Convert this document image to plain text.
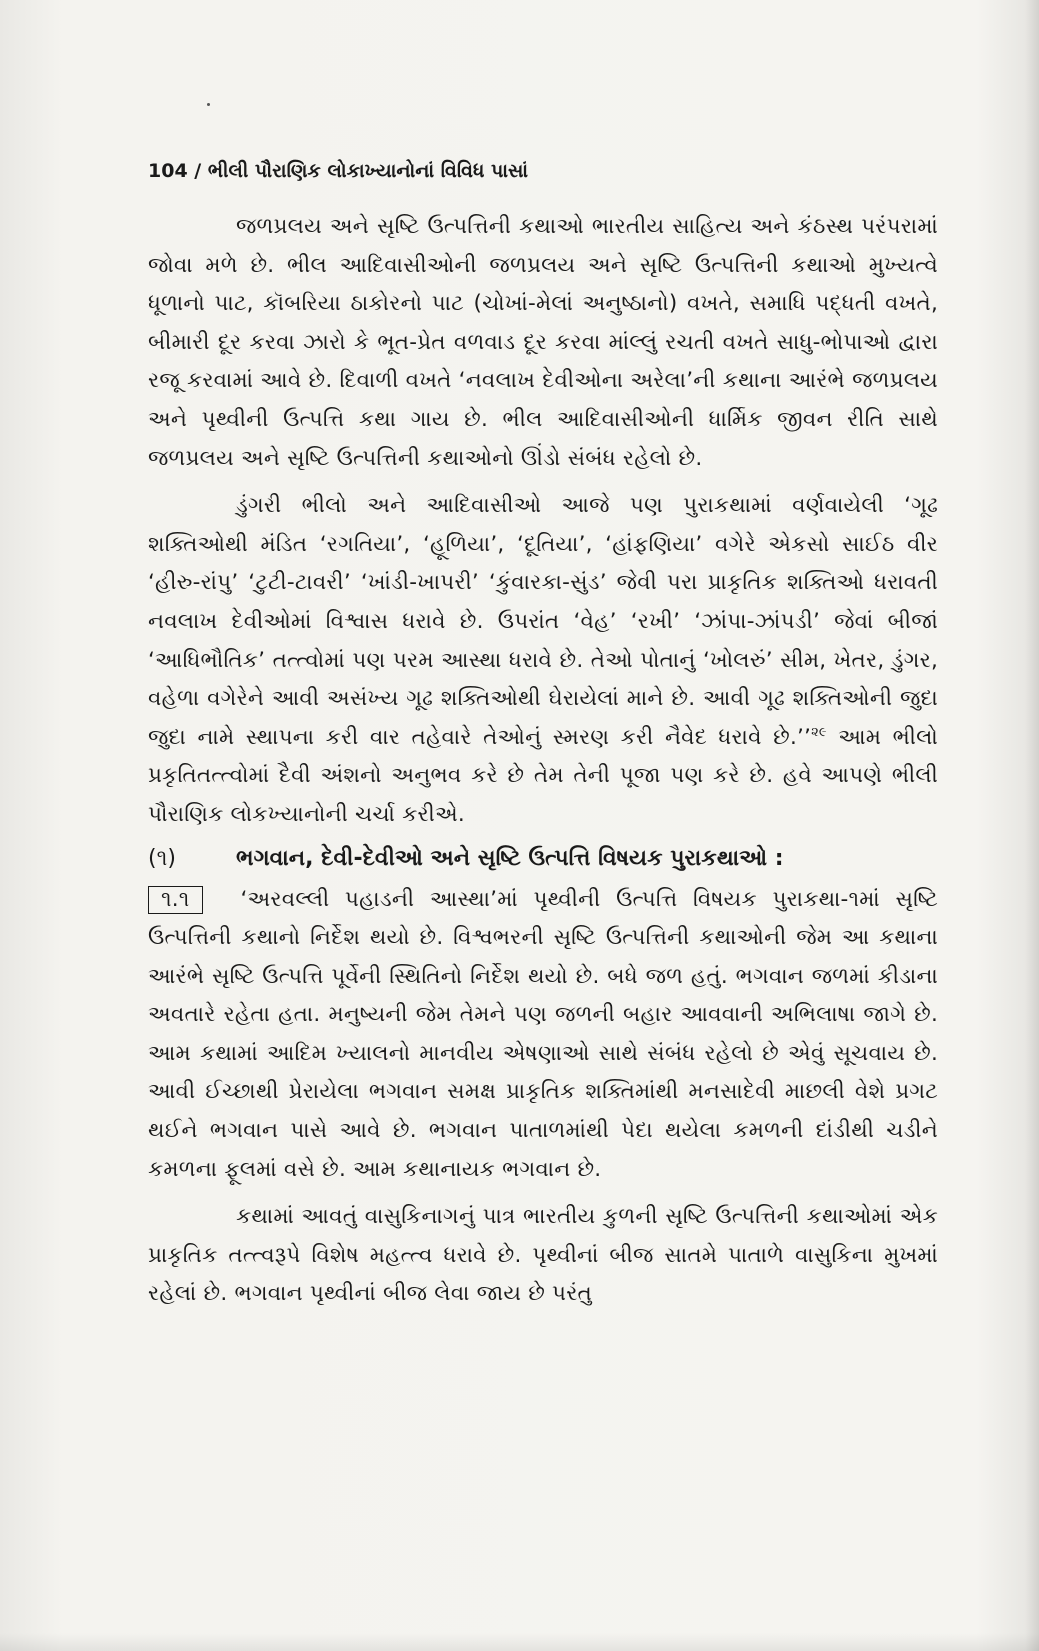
104 / ભીલી પૌરાણિક લોકાખ્યાનોનાં વિવિધ પાસાં

જળપ્રલય અને સૃષ્ટિ ઉત્પત્તિની કથાઓ ભારતીય સાહિત્ય અને કંઠસ્થ પરંપરામાં જોવા મળે છે. ભીલ આદિવાસીઓની જળપ્રલય અને સૃષ્ટિ ઉત્પત્તિની કથાઓ મુખ્યત્વે ધૂળાનો પાટ, કૉબરિયા ઠાકોરનો પાટ (ચોખાં-મેલાં અનુષ્ઠાનો) વખતે, સમાધિ પદ્ધતી વખતે, બીમારી દૂર કરવા ઝારો કે ભૂત-પ્રેત વળવાડ દૂર કરવા માંલ્લું રચતી વખતે સાધુ-ભોપાઓ દ્વારા રજૂ કરવામાં આવે છે. દિવાળી વખતે ‘નવલાખ દેવીઓના અરેલા’ની કથાના આરંભે જળપ્રલય અને પૃથ્વીની ઉત્પત્તિ કથા ગાય છે. ભીલ આદિવાસીઓની ધાર્મિક જીવન રીતિ સાથે જળપ્રલય અને સૃષ્ટિ ઉત્પત્તિની કથાઓનો ઊંડો સંબંધ રહેલો છે.

ડુંગરી ભીલો અને આદિવાસીઓ આજે પણ પુરાકથામાં વર્ણવાયેલી ‘ગૂઢ શક્તિઓથી મંડિત ‘રગતિયા’, ‘હૂળિયા’, ‘દૂતિયા’, ‘હાંફણિયા’ વગેરે એકસો સાઈઠ વીર ‘હીરુ-રાંપુ’ ‘ટુટી-ટાવરી’ ‘ખાંડી-ખાપરી’ ‘કુંવારકા-સુંડ’ જેવી પરા પ્રાકૃતિક શક્તિઓ ધરાવતી નવલાખ દેવીઓમાં વિશ્વાસ ધરાવે છે. ઉપરાંત ‘વેહ’ ‘રખી’ ‘ઝાંપા-ઝાંપડી’ જેવાં બીજાં ‘આધિભૌતિક’ તત્ત્વોમાં પણ પરમ આસ્થા ધરાવે છે. તેઓ પોતાનું ‘ખોલરું’ સીમ, ખેતર, ડુંગર, વહેળા વગેરેને આવી અસંખ્ય ગૂઢ શક્તિઓથી ઘેરાયેલાં માને છે. આવી ગૂઢ શક્તિઓની જુદા જુદા નામે સ્થાપના કરી વાર તહેવારે તેઓનું સ્મરણ કરી નૈવેદ ધરાવે છે.’’$^{૨૯}$ આમ ભીલો પ્રકૃતિતત્ત્વોમાં દૈવી અંશનો અનુભવ કરે છે તેમ તેની પૂજા પણ કરે છે. હવે આપણે ભીલી પૌરાણિક લોકખ્યાનોની ચર્ચા કરીએ.

(૧)	ભગવાન, દેવી-દેવીઓ અને સૃષ્ટિ ઉત્પત્તિ વિષયક પુરાકથાઓ :

૧.૧ ‘અરવલ્લી પહાડની આસ્થા’માં પૃથ્વીની ઉત્પત્તિ વિષયક પુરાકથા-૧માં સૃષ્ટિ ઉત્પત્તિની કથાનો નિર્દેશ થયો છે. વિશ્વભરની સૃષ્ટિ ઉત્પત્તિની કથાઓની જેમ આ કથાના આરંભે સૃષ્ટિ ઉત્પત્તિ પૂર્વેની સ્થિતિનો નિર્દેશ થયો છે. બધે જળ હતું. ભગવાન જળમાં કીડાના અવતારે રહેતા હતા. મનુષ્યની જેમ તેમને પણ જળની બહાર આવવાની અભિલાષા જાગે છે. આમ કથામાં આદિમ ખ્યાલનો માનવીય એષણાઓ સાથે સંબંધ રહેલો છે એવું સૂચવાય છે. આવી ઈચ્છાથી પ્રેરાયેલા ભગવાન સમક્ષ પ્રાકૃતિક શક્તિમાંથી મનસાદેવી માછલી વેશે પ્રગટ થઈને ભગવાન પાસે આવે છે. ભગવાન પાતાળમાંથી પેદા થયેલા કમળની દાંડીથી ચડીને કમળના ફૂલમાં વસે છે. આમ કથાનાયક ભગવાન છે.

કથામાં આવતું વાસુકિનાગનું પાત્ર ભારતીય કુળની સૃષ્ટિ ઉત્પત્તિની કથાઓમાં એક પ્રાકૃતિક તત્ત્વરૂપે વિશેષ મહત્ત્વ ધરાવે છે. પૃથ્વીનાં બીજ સાતમે પાતાળે વાસુકિના મુખમાં રહેલાં છે. ભગવાન પૃથ્વીનાં બીજ લેવા જાય છે પરંતુ
